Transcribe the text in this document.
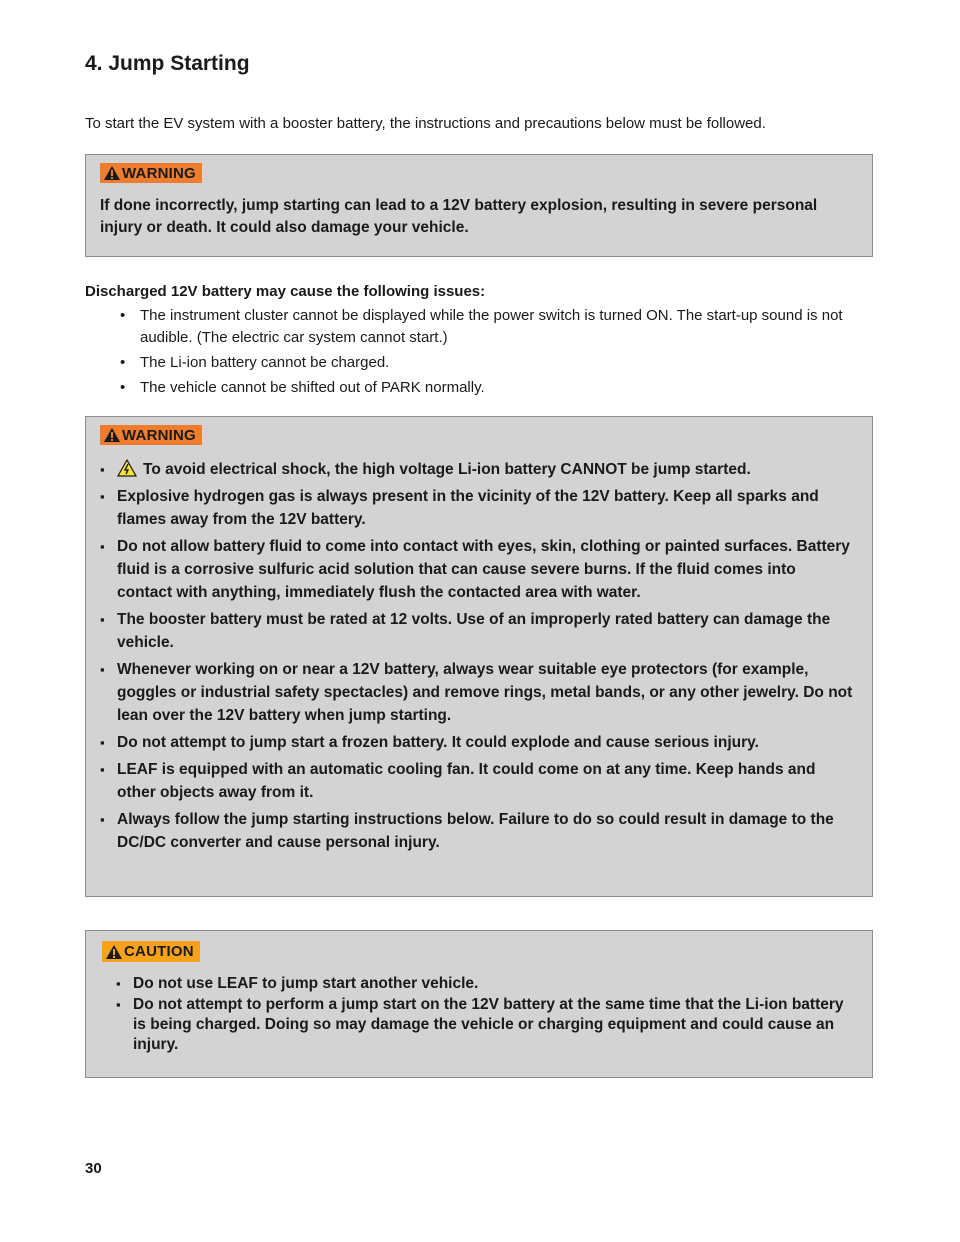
4. Jump Starting

To start the EV system with a booster battery, the instructions and precautions below must be followed.

WARNING

If done incorrectly, jump starting can lead to a 12V battery explosion, resulting in severe personal injury or death. It could also damage your vehicle.

Discharged 12V battery may cause the following issues:

• The instrument cluster cannot be displayed while the power switch is turned ON. The start-up sound is not audible. (The electric car system cannot start.)
• The Li-ion battery cannot be charged.
• The vehicle cannot be shifted out of PARK normally.
WARNING
▪ To avoid electrical shock, the high voltage Li-ion battery CANNOT be jump started.
▪ Explosive hydrogen gas is always present in the vicinity of the 12V battery. Keep all sparks and flames away from the 12V battery.
▪ Do not allow battery fluid to come into contact with eyes, skin, clothing or painted surfaces. Battery fluid is a corrosive sulfuric acid solution that can cause severe burns. If the fluid comes into contact with anything, immediately flush the contacted area with water.
▪ The booster battery must be rated at 12 volts. Use of an improperly rated battery can damage the vehicle.
▪ Whenever working on or near a 12V battery, always wear suitable eye protectors (for example, goggles or industrial safety spectacles) and remove rings, metal bands, or any other jewelry. Do not lean over the 12V battery when jump starting.
▪ Do not attempt to jump start a frozen battery. It could explode and cause serious injury.
▪ LEAF is equipped with an automatic cooling fan. It could come on at any time. Keep hands and other objects away from it.
▪ Always follow the jump starting instructions below. Failure to do so could result in damage to the DC/DC converter and cause personal injury.
CAUTION
▪ Do not use LEAF to jump start another vehicle.
▪ Do not attempt to perform a jump start on the 12V battery at the same time that the Li-ion battery is being charged. Doing so may damage the vehicle or charging equipment and could cause an injury.

30
